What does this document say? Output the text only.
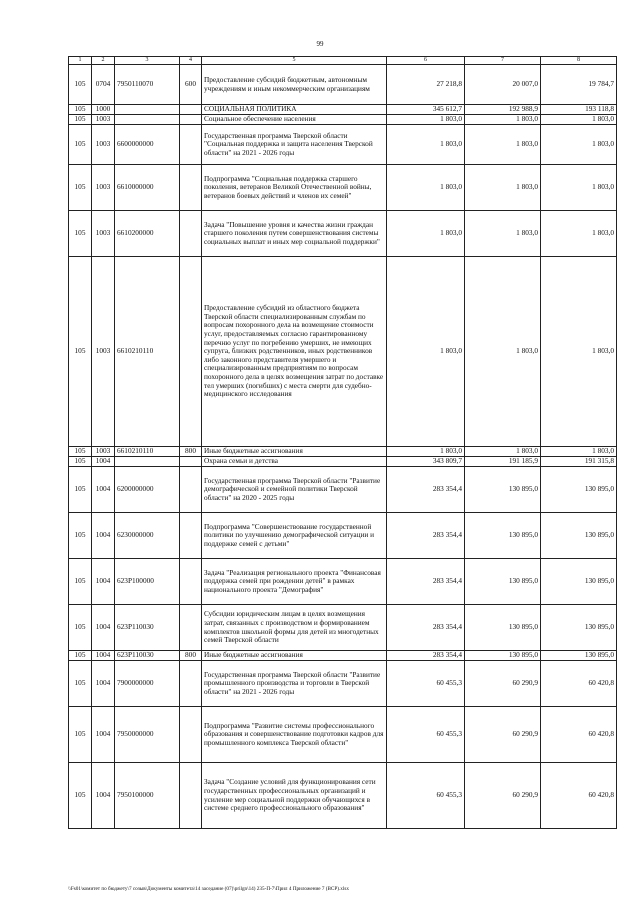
99
1	2	3	4	5	6	7	8
105	0704	7950110070	600	Предоставление субсидий бюджетным, автономным учреждениям и иным некоммерческим организациям	27 218,8	20 007,0	19 784,7
105	1000			СОЦИАЛЬНАЯ ПОЛИТИКА	345 612,7	192 988,9	193 118,8
105	1003			Социальное обеспечение населения	1 803,0	1 803,0	1 803,0
105	1003	6600000000		Государственная программа Тверской области "Социальная поддержка и защита населения Тверской области" на 2021 - 2026 годы	1 803,0	1 803,0	1 803,0
105	1003	6610000000		Подпрограмма "Социальная поддержка старшего поколения, ветеранов Великой Отечественной войны, ветеранов боевых действий и членов их семей"	1 803,0	1 803,0	1 803,0
105	1003	6610200000		Задача "Повышение уровня и качества жизни граждан старшего поколения путем совершенствования системы социальных выплат и иных мер социальной поддержки"	1 803,0	1 803,0	1 803,0
105	1003	6610210110		Предоставление субсидий из областного бюджета Тверской области специализированным службам по вопросам похоронного дела на возмещение стоимости услуг, предоставляемых согласно гарантированному перечню услуг по погребению умерших, не имеющих супруга, близких родственников, иных родственников либо законного представителя умершего и специализированным предприятиям по вопросам похоронного дела в целях возмещения затрат по доставке тел умерших (погибших) с места смерти для судебно-медицинского исследования	1 803,0	1 803,0	1 803,0
105	1003	6610210110	800	Иные бюджетные ассигнования	1 803,0	1 803,0	1 803,0
105	1004			Охрана семьи и детства	343 809,7	191 185,9	191 315,8
105	1004	6200000000		Государственная программа Тверской области "Развитие демографической и семейной политики Тверской области" на 2020 - 2025 годы	283 354,4	130 895,0	130 895,0
105	1004	6230000000		Подпрограмма "Совершенствование государственной политики по улучшению демографической ситуации и поддержке семей с детьми"	283 354,4	130 895,0	130 895,0
105	1004	623P100000		Задача "Реализация регионального проекта "Финансовая поддержка семей при рождении детей" в рамках национального проекта "Демография"	283 354,4	130 895,0	130 895,0
105	1004	623P110030		Субсидии юридическим лицам в целях возмещения затрат, связанных с производством и формированием комплектов школьной формы для детей из многодетных семей Тверской области	283 354,4	130 895,0	130 895,0
105	1004	623P110030	800	Иные бюджетные ассигнования	283 354,4	130 895,0	130 895,0
105	1004	7900000000		Государственная программа Тверской области "Развитие промышленного производства и торговли в Тверской области" на 2021 - 2026 годы	60 455,3	60 290,9	60 420,8
105	1004	7950000000		Подпрограмма "Развитие системы профессионального образования и совершенствование подготовки кадров для промышленного комплекса Тверской области"	60 455,3	60 290,9	60 420,8
105	1004	7950100000		Задача "Создание условий для функционирования сети государственных профессиональных организаций и усиление мер социальной поддержки обучающихся в системе среднего профессионального образования"	60 455,3	60 290,9	60 420,8
\\Fs01\комитет по бюджету\7 созыв\Документы комитета\14 заседание (07)\prilgn\14) 235-П-7\Прил 4 Приложение 7 (ВСР).xlsx
